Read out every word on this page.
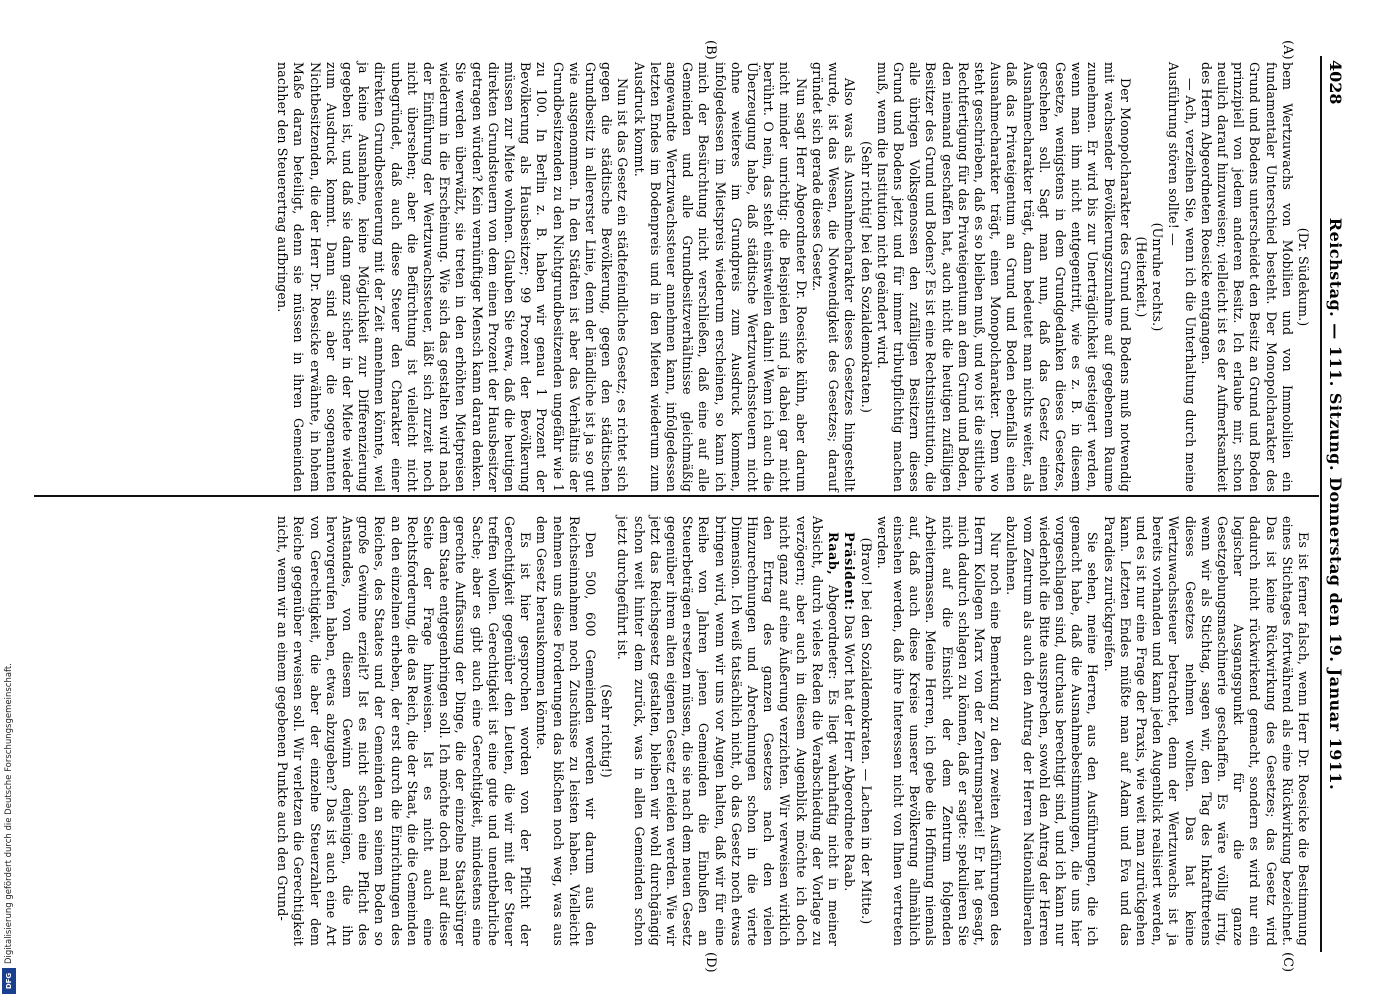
4028
Reichstag. — 111. Sitzung. Donnerstag den 19. Januar 1911.
(A)
(B)
(C)
(D)

(Dr. Südekum.)

bem Wertzuwachs von Mobilien und von Immobilien ein fundamentaler Unterschied besteht. Der Monopolcharakter des Grund und Bodens unterscheidet den Besitz an Grund und Boden prinzipiell von jedem anderen Besitz. Ich erlaube mir, schon neulich darauf hinzuweisen; vielleicht ist es der Aufmerksamkeit des Herrn Abgeordneten Roesicke entgangen.

— Ach, verzeihen Sie, wenn ich die Unterhaltung durch meine Ausführung stören sollte! —

(Unruhe rechts.)

(Heiterkeit.)

Der Monopolcharakter des Grund und Bodens muß notwendig mit wachsender Bevölkerungszunahme auf gegebenem Raume zunehmen. Er wird bis zur Unerträglichkeit gesteigert werden, wenn man ihm nicht entgegentritt, wie es z. B. in diesem Gesetze, wenigstens in dem Grundgedanken dieses Gesetzes, geschehen soll. Sagt man nun, daß das Gesetz einen Ausnahmecharakter trägt, dann bedeutet man nichts weiter, als daß das Privateigentum an Grund und Boden ebenfalls einen Ausnahmecharakter trägt, einen Monopolcharakter. Denn wo steht geschrieben, daß es so bleiben muß, und wo ist die sittliche Rechtfertigung für das Privateigentum an dem Grund und Boden, den niemand geschaffen hat, auch nicht die heutigen zufälligen Besitzer des Grund und Bodens? Es ist eine Rechtsinstitution, die alle übrigen Volksgenossen den zufälligen Besitzern dieses Grund und Bodens jetzt und für immer tributpflichtig machen muß, wenn die Institution nicht geändert wird.

(Sehr richtig! bei den Sozialdemokraten.)

Also was als Ausnahmecharakter dieses Gesetzes hingestellt wurde, ist das Wesen, die Notwendigkeit des Gesetzes; darauf gründet sich gerade dieses Gesetz.

Nun sagt Herr Abgeordneter Dr. Roesicke kühn, aber darum nicht minder unrichtig: die Beispielen sind ja dabei gar nicht berührt. O nein, das steht einstweilen dahin! Wenn ich auch die Überzeugung habe, daß städtische Wertzuwachssteuern nicht ohne weiteres im Grundpreis zum Ausdruck kommen, infolgedessen im Mietspreis wiederum erscheinen, so kann ich mich der Besürchtung nicht verschließen, daß eine auf alle Gemeinden und alle Grundbesitzverhältnisse gleichmäßig angewandte Wertzuwachssteuer annehmen kann, infolgedessen letzten Endes im Bodenpreis und in den Mieten wiederum zum Ausdruck kommt.

Nun ist das Gesetz ein städtefeindliches Gesetz; es richtet sich gegen die städtische Bevölkerung, gegen den städtischen Grundbesitz in allererster Linie, denn der ländliche ist ja so gut wie ausgenommen. In den Städten ist aber das Verhältnis der Grundbesitzenden zu den Nichtgrundbesitzenden ungefähr wie 1 zu 100. In Berlin z. B. haben wir genau 1 Prozent der Bevölkerung als Hausbesitzer; 99 Prozent der Bevölkerung müssen zur Miete wohnen. Glauben Sie etwa, daß die heutigen direkten Grundsteuern von dem einen Prozent der Hausbesitzer getragen würden? Kein vernünftiger Mensch kann daran denken. Sie werden überwälzt, sie treten in den erhöhten Mietpreisen wiederum in die Erscheinung. Wie sich das gestalten wird nach der Einführung der Wertzuwachssteuer, läßt sich zurzeit noch nicht übersehen; aber die Befürchtung ist vielleicht nicht unbegründet, daß auch diese Steuer den Charakter einer direkten Grundbesteuerung mit der Zeit annehmen könnte, weil ja keine Ausnahme, keine Möglichkeit zur Differenzierung gegeben ist, und daß sie dann ganz sicher in der Miete wieder zum Ausdruck kommt. Dann sind aber die sogenannten Nichtbesitzenden, die der Herr Dr. Roesicke erwähnte, in hohem Maße daran beteiligt, denn sie müssen in ihren Gemeinden nachher den Steuerertrag aufbringen.

Es ist ferner falsch, wenn Herr Dr. Roesicke die Bestimmung eines Stichtages fortwährend als eine Rückwirkung bezeichnet. Das ist keine Rückwirkung des Gesetzes; das Gesetz wird dadurch nicht rückwirkend gemacht, sondern es wird nur ein logischer Ausgangspunkt für die ganze Gesetzgebungsmaschinerie geschaffen. Es wäre völlig irrig, wenn wir als Stichtag, sagen wir, den Tag des Inkrafttretens dieses Gesetzes nehmen wollten. Das hat keine Wertzuwachssteuer betrachtet, denn der Wertzuwachs ist ja bereits vorhanden und kann jeden Augenblick realisiert werden, und es ist nur eine Frage der Praxis, wie weit man zurückgehen kann. Letzten Endes müßte man auf Adam und Eva und das Paradies zurückgreifen.

Sie sehen, meine Herren, aus den Ausführungen, die ich gemacht habe, daß die Ausnahmebestimmungen, die uns hier vorgeschlagen sind, durchaus berechtigt sind, und ich kann nur wiederholt die Bitte aussprechen, sowohl den Antrag der Herren vom Zentrum als auch den Antrag der Herren Nationalliberalen abzulehnen.

Nur noch eine Bemerkung zu den zweiten Ausführungen des Herrn Kollegen Marx von der Zentrumspartei! Er hat gesagt, mich dadurch schlagen zu können, daß er sagte: spekulieren Sie nicht auf die Einsicht der dem Zentrum folgenden Arbeitermassen. Meine Herren, ich gebe die Hoffnung niemals auf, daß auch diese Kreise unserer Bevölkerung allmählich einsehen werden, daß ihre Interessen nicht von Ihnen vertreten werden.

(Bravo! bei den Sozialdemokraten. — Lachen in der Mitte.)

Präsident: Das Wort hat der Herr Abgeordnete Raab.

Raab, Abgeordneter: Es liegt wahrhaftig nicht in meiner Absicht, durch vieles Reden die Verabschiedung der Vorlage zu verzögern; aber auch in diesem Augenblick möchte ich doch nicht ganz auf eine Äußerung verzichten. Wir verweisen wirklich den Ertrag des ganzen Gesetzes nach den vielen Hinzurechnungen und Abrechnungen schon in die vierte Dimension. Ich weiß tatsächlich nicht, ob das Gesetz noch etwas bringen wird, wenn wir uns vor Augen halten, daß wir für eine Reihe von Jahren jenen Gemeinden die Einbußen an Steuerbeträgen ersetzen müssen, die sie nach dem neuen Gesetz gegenüber ihrem alten eigenen Gesetz erleiden werden. Wie wir jetzt das Reichsgesetz gestalten, bleiben wir wohl durchgängig schon weit hinter dem zurück, was in allen Gemeinden schon jetzt durchgeführt ist.

(Sehr richtig!)

Den 500, 600 Gemeinden werden wir darum aus den Reichseinnahmen noch Zuschüsse zu leisten haben. Vielleicht nehmen uns diese Forderungen das bißchen noch weg, was aus dem Gesetz herauskommen könnte.

Es ist hier gesprochen worden von der Pflicht der Gerechtigkeit gegenüber den Leuten, die wir mit der Steuer treffen wollen. Gerechtigkeit ist eine gute und unentbehrliche Sache; aber es gibt auch eine Gerechtigkeit, mindestens eine gerechte Auffassung der Dinge, die der einzelne Staatsbürger dem Staate entgegenbringen soll. Ich möchte doch mal auf diese Seite der Frage hinweisen. Ist es nicht auch eine Rechtsforderung, die das Reich, die der Staat, die die Gemeinden an den einzelnen erheben, der erst durch die Einrichtungen des Reiches, des Staates und der Gemeinden an seinem Boden so große Gewinne erzielt? Ist es nicht schon eine Pflicht des Anstandes, von diesem Gewinn denjenigen, die ihn hervorgerufen haben, etwas abzugeben? Das ist auch eine Art von Gerechtigkeit, die aber der einzelne Steuerzahler dem Reiche gegenüber erweisen soll. Wir verletzen die Gerechtigkeit nicht, wenn wir an einem gegebenen Punkte auch den Grund-

Digitalisierung gefördert durch die Deutsche Forschungsgemeinschaft.
DFG
